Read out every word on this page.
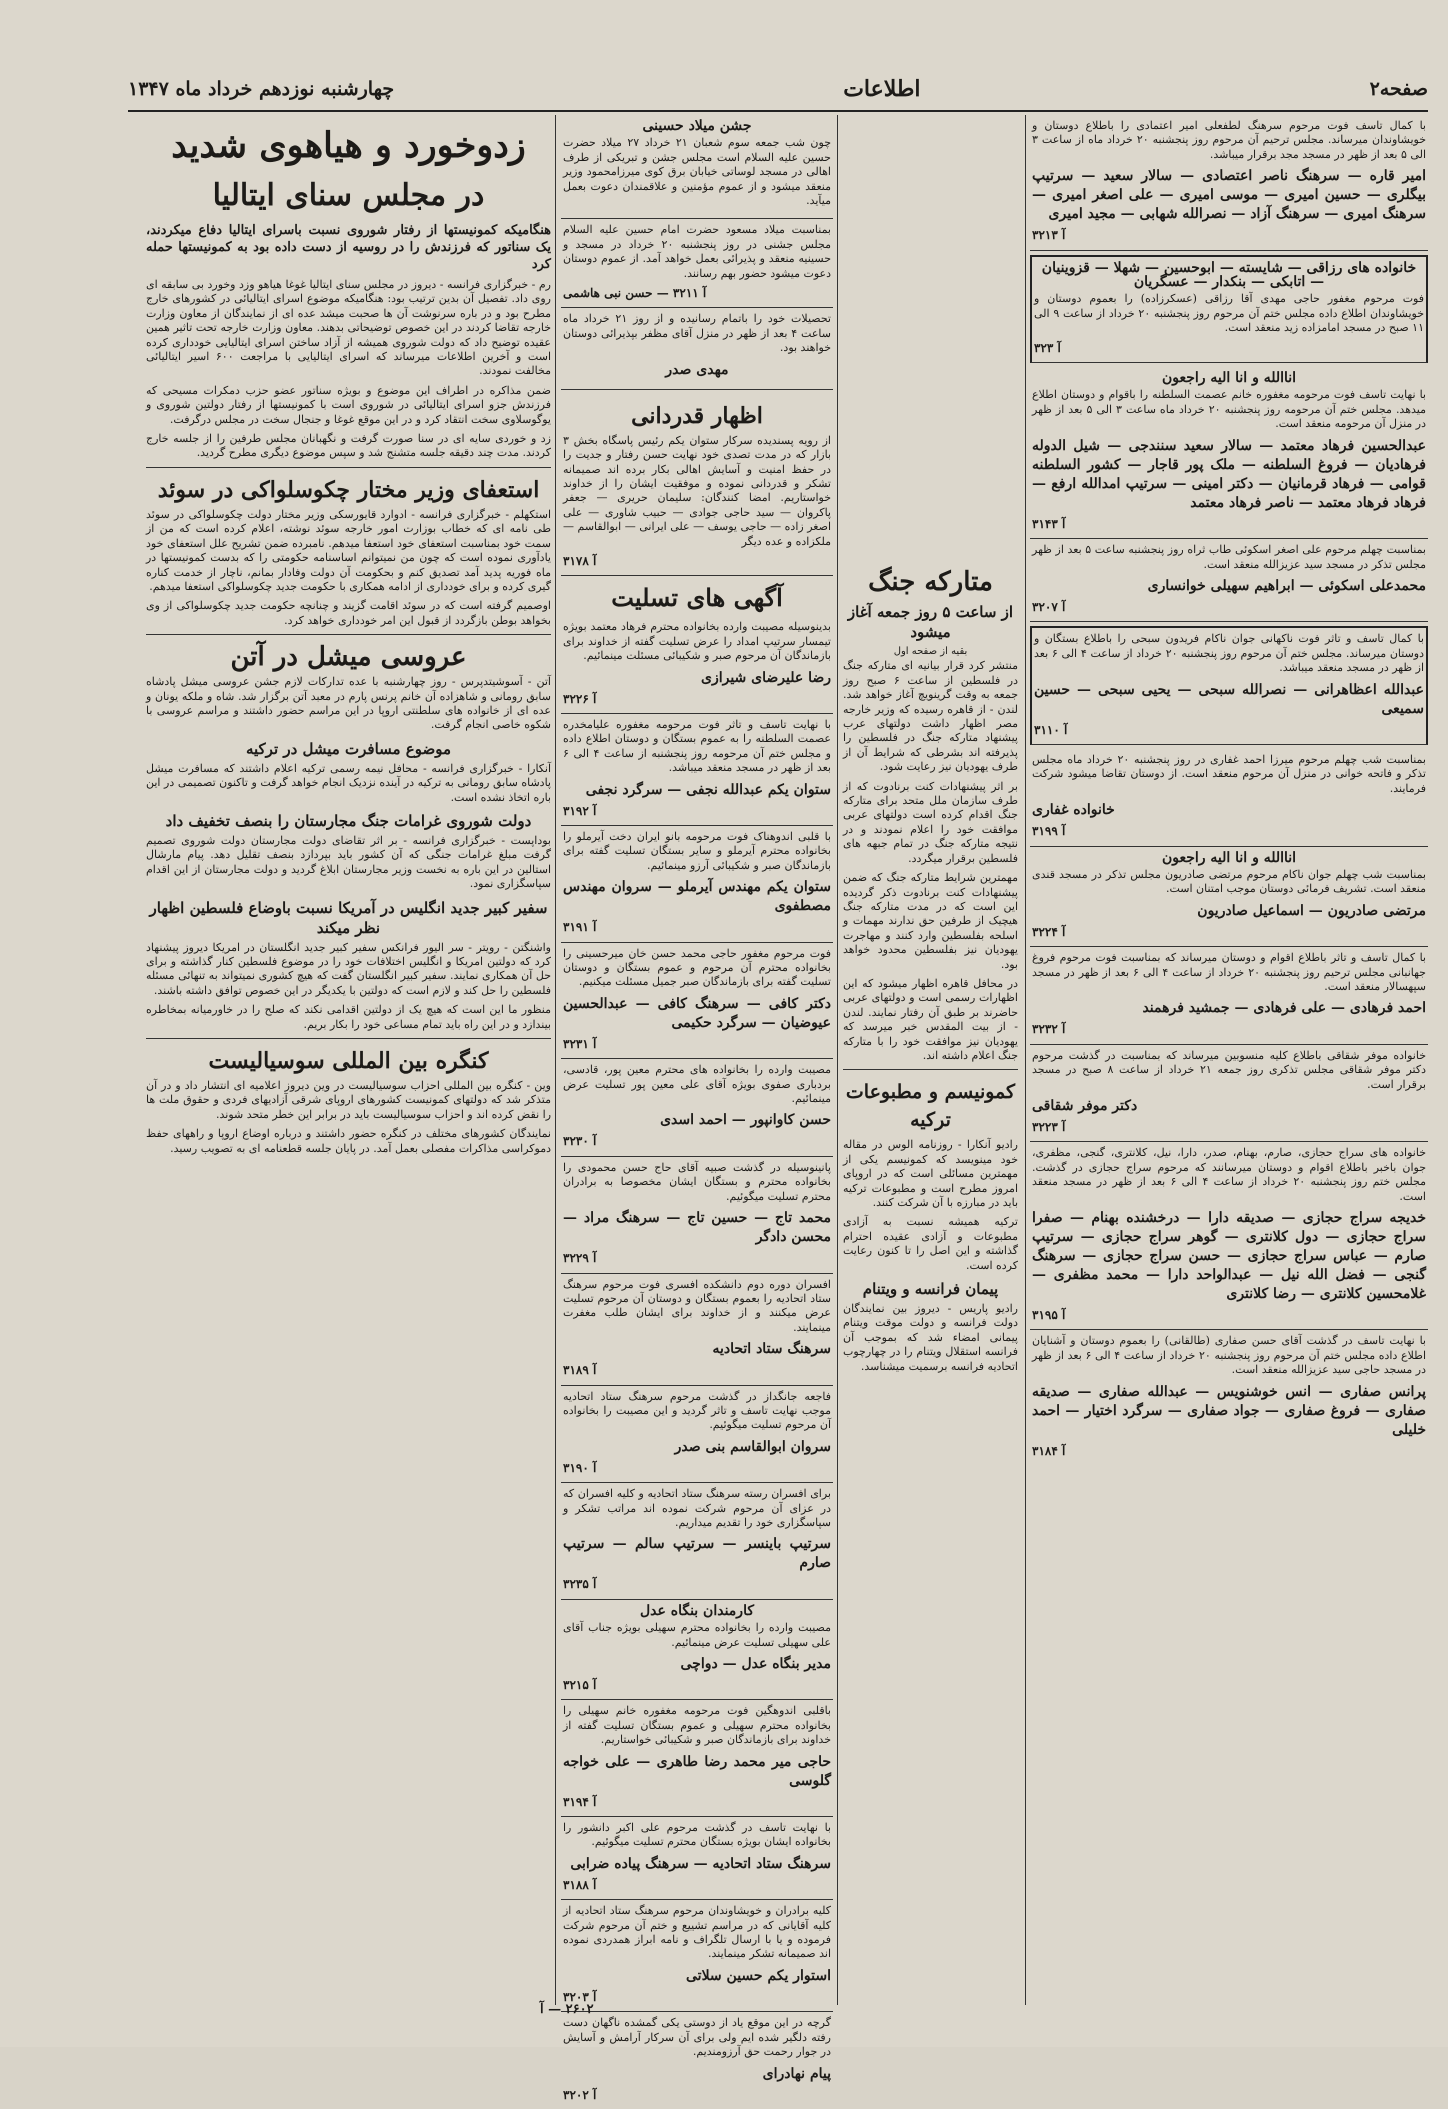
صفحه۲
اطلاعات
چهارشنبه نوزدهم خرداد ماه ۱۳۴۷
زدوخورد و هیاهوی شدید
در مجلس سنای ایتالیا

هنگامیکه کمونیستها از رفتار شوروی نسبت باسرای ایتالیا دفاع میکردند، یک سناتور که فرزندش را در روسیه از دست داده بود به کمونیستها حمله کرد

رم - خبرگزاری فرانسه - دیروز در مجلس سنای ایتالیا غوغا هیاهو وزد وخورد بی سابقه ای روی داد. تفصیل آن بدین ترتیب بود: هنگامیکه موضوع اسرای ایتالیائی در کشورهای خارج مطرح بود و در باره سرنوشت آن ها صحبت میشد عده ای از نمایندگان از معاون وزارت خارجه تقاضا کردند در این خصوص توضیحاتی بدهند. معاون وزارت خارجه تحت تاثیر همین عقیده توضیح داد که دولت شوروی همیشه از آزاد ساختن اسرای ایتالیایی خودداری کرده است و آخرین اطلاعات میرساند که اسرای ایتالیایی با مراجعت ۶۰۰ اسیر ایتالیائی مخالفت نمودند.

ضمن مذاکره در اطراف این موضوع و بویژه سناتور عضو حزب دمکرات مسیحی که فرزندش جزو اسرای ایتالیائی در شوروی است با کمونیستها از رفتار دولتین شوروی و یوگوسلاوی سخت انتقاد کرد و در این موقع غوغا و جنجال سخت در مجلس درگرفت.

زد و خوردی سایه ای در سنا صورت گرفت و نگهبانان مجلس طرفین را از جلسه خارج کردند. مدت چند دقیقه جلسه متشنج شد و سپس موضوع دیگری مطرح گردید.

استعفای وزیر مختار چکوسلواکی در سوئد

استکهلم - خبرگزاری فرانسه - ادوارد قایورسکی وزیر مختار دولت چکوسلواکی در سوئد طی نامه ای که خطاب بوزارت امور خارجه سوئد نوشته، اعلام کرده است که من از سمت خود بمناسبت استعفای خود استعفا میدهم. نامبرده ضمن تشریح علل استعفای خود یادآوری نموده است که چون من نمیتوانم اساسنامه حکومتی را که بدست کمونیستها در ماه فوریه پدید آمد تصدیق کنم و بحکومت آن دولت وفادار بمانم، ناچار از خدمت کناره گیری کرده و برای خودداری از ادامه همکاری با حکومت جدید چکوسلواکی استعفا میدهم.

اوصمیم گرفته است که در سوئد اقامت گزیند و چنانچه حکومت جدید چکوسلواکی از وی بخواهد بوطن بازگردد از قبول این امر خودداری خواهد کرد.

عروسی میشل در آتن

آتن - آسوشیتدپرس - روز چهارشنبه با عده تدارکات لازم جشن عروسی میشل پادشاه سابق رومانی و شاهزاده آن خانم پرنس پارم در معبد آتن برگزار شد. شاه و ملکه یونان و عده ای از خانواده های سلطنتی اروپا در این مراسم حضور داشتند و مراسم عروسی با شکوه خاصی انجام گرفت.

موضوع مسافرت میشل در ترکیه

آنکارا - خبرگزاری فرانسه - محافل نیمه رسمی ترکیه اعلام داشتند که مسافرت میشل پادشاه سابق رومانی به ترکیه در آینده نزدیک انجام خواهد گرفت و تاکنون تصمیمی در این باره اتخاذ نشده است.

دولت شوروی غرامات جنگ مجارستان را بنصف تخفیف داد

بوداپست - خبرگزاری فرانسه - بر اثر تقاضای دولت مجارستان دولت شوروی تصمیم گرفت مبلغ غرامات جنگی که آن کشور باید بپردازد بنصف تقلیل دهد. پیام مارشال استالین در این باره به نخست وزیر مجارستان ابلاغ گردید و دولت مجارستان از این اقدام سپاسگزاری نمود.

سفیر کبیر جدید انگلیس در آمریکا نسبت باوضاع فلسطین اظهار نظر میکند

واشنگتن - رویتر - سر الیور فرانکس سفیر کبیر جدید انگلستان در امریکا دیروز پیشنهاد کرد که دولتین امریکا و انگلیس اختلافات خود را در موضوع فلسطین کنار گذاشته و برای حل آن همکاری نمایند. سفیر کبیر انگلستان گفت که هیچ کشوری نمیتواند به تنهائی مسئله فلسطین را حل کند و لازم است که دولتین با یکدیگر در این خصوص توافق داشته باشند.

منظور ما این است که هیچ یک از دولتین اقدامی نکند که صلح را در خاورمیانه بمخاطره بیندازد و در این راه باید تمام مساعی خود را بکار بریم.

کنگره بین المللی سوسیالیست

وین - کنگره بین المللی احزاب سوسیالیست در وین دیروز اعلامیه ای انتشار داد و در آن متذکر شد که دولتهای کمونیست کشورهای اروپای شرقی آزادیهای فردی و حقوق ملت ها را نقض کرده اند و احزاب سوسیالیست باید در برابر این خطر متحد شوند.

نمایندگان کشورهای مختلف در کنگره حضور داشتند و درباره اوضاع اروپا و راههای حفظ دموکراسی مذاکرات مفصلی بعمل آمد. در پایان جلسه قطعنامه ای به تصویب رسید.

متارکه جنگ
از ساعت ۵ روز جمعه آغاز میشود
بقیه از صفحه اول

منتشر کرد قرار بیانیه ای متارکه جنگ در فلسطین از ساعت ۶ صبح روز جمعه به وقت گرینویچ آغاز خواهد شد. لندن - از قاهره رسیده که وزیر خارجه مصر اظهار داشت دولتهای عرب پیشنهاد متارکه جنگ در فلسطین را پذیرفته اند بشرطی که شرایط آن از طرف یهودیان نیز رعایت شود.

بر اثر پیشنهادات کنت برنادوت که از طرف سازمان ملل متحد برای متارکه جنگ اقدام کرده است دولتهای عربی موافقت خود را اعلام نمودند و در نتیجه متارکه جنگ در تمام جبهه های فلسطین برقرار میگردد.

مهمترین شرایط متارکه جنگ که ضمن پیشنهادات کنت برنادوت ذکر گردیده این است که در مدت متارکه جنگ هیچیک از طرفین حق ندارند مهمات و اسلحه بفلسطین وارد کنند و مهاجرت یهودیان نیز بفلسطین محدود خواهد بود.

در محافل قاهره اظهار میشود که این اظهارات رسمی است و دولتهای عربی حاضرند بر طبق آن رفتار نمایند. لندن - از بیت المقدس خبر میرسد که یهودیان نیز موافقت خود را با متارکه جنگ اعلام داشته اند.

کمونیسم و مطبوعات ترکیه

رادیو آنکارا - روزنامه الوس در مقاله خود مینویسد که کمونیسم یکی از مهمترین مسائلی است که در اروپای امروز مطرح است و مطبوعات ترکیه باید در مبارزه با آن شرکت کنند.

ترکیه همیشه نسبت به آزادی مطبوعات و آزادی عقیده احترام گذاشته و این اصل را تا کنون رعایت کرده است.

پیمان فرانسه و ویتنام

رادیو پاریس - دیروز بین نمایندگان دولت فرانسه و دولت موقت ویتنام پیمانی امضاء شد که بموجب آن فرانسه استقلال ویتنام را در چهارچوب اتحادیه فرانسه برسمیت میشناسد.

جشن میلاد حسینی

چون شب جمعه سوم شعبان ۲۱ خرداد ۲۷ میلاد حضرت حسین علیه السلام است مجلس جشن و تبریکی از طرف اهالی در مسجد لوساتی خیابان برق کوی میرزامحمود وزیر منعقد میشود و از عموم مؤمنین و علاقمندان دعوت بعمل میآید.

بمناسبت میلاد مسعود حضرت امام حسین علیه السلام مجلس جشنی در روز پنجشنبه ۲۰ خرداد در مسجد و حسینیه منعقد و پذیرائی بعمل خواهد آمد. از عموم دوستان دعوت میشود حضور بهم رسانند.

آ ۳۲۱۱ — حسن نبی هاشمی

تحصیلات خود را باتمام رسانیده و از روز ۲۱ خرداد ماه ساعت ۴ بعد از ظهر در منزل آقای مظفر بپذیرائی دوستان خواهند بود.

مهدی صدر
اظهار قدردانی

از رویه پسندیده سرکار ستوان یکم رئیس پاسگاه بخش ۳ بازار که در مدت تصدی خود نهایت حسن رفتار و جدیت را در حفظ امنیت و آسایش اهالی بکار برده اند صمیمانه تشکر و قدردانی نموده و موفقیت ایشان را از خداوند خواستاریم. امضا کنندگان: سلیمان حریری — جعفر پاکروان — سید حاجی جوادی — حبیب شاوری — علی اصغر زاده — حاجی یوسف — علی ایرانی — ابوالقاسم — ملکزاده و عده دیگر

آ ۳۱۷۸
آگهی های تسلیت

بدینوسیله مصیبت وارده بخانواده محترم فرهاد معتمد بویژه تیمسار سرتیپ امداد را عرض تسلیت گفته از خداوند برای بازماندگان آن مرحوم صبر و شکیبائی مسئلت مینمائیم.

رضا علیرضای شیرازی
آ ۳۲۲۶

با نهایت تاسف و تاثر فوت مرحومه مغفوره علیامخدره عصمت السلطنه را به عموم بستگان و دوستان اطلاع داده و مجلس ختم آن مرحومه روز پنجشنبه از ساعت ۴ الی ۶ بعد از ظهر در مسجد منعقد میباشد.

ستوان یکم عبدالله نجفی — سرگرد نجفی
آ ۳۱۹۲

با قلبی اندوهناک فوت مرحومه بانو ایران دخت آیرملو را بخانواده محترم آیرملو و سایر بستگان تسلیت گفته برای بازماندگان صبر و شکیبائی آرزو مینمائیم.

ستوان یکم مهندس آیرملو — سروان مهندس مصطفوی
آ ۳۱۹۱

فوت مرحوم مغفور حاجی محمد حسن خان میرحسینی را بخانواده محترم آن مرحوم و عموم بستگان و دوستان تسلیت گفته برای بازماندگان صبر جمیل مسئلت میکنیم.

دکتر کافی — سرهنگ کافی — عبدالحسین عیوضیان — سرگرد حکیمی
آ ۳۲۳۱

مصیبت وارده را بخانواده های محترم معین پور، قادسی، بردباری صفوی بویژه آقای علی معین پور تسلیت عرض مینمائیم.

حسن کاوانپور — احمد اسدی
آ ۳۲۳۰

پانینوسیله در گذشت صبیه آقای حاج حسن محمودی را بخانواده محترم و بستگان ایشان مخصوصا به برادران محترم تسلیت میگوئیم.

محمد تاج — حسین تاج — سرهنگ مراد — محسن دادگر
آ ۳۲۲۹

افسران دوره دوم دانشکده افسری فوت مرحوم سرهنگ ستاد اتحادیه را بعموم بستگان و دوستان آن مرحوم تسلیت عرض میکنند و از خداوند برای ایشان طلب مغفرت مینمایند.

سرهنگ ستاد اتحادیه
آ ۳۱۸۹

فاجعه جانگداز در گذشت مرحوم سرهنگ ستاد اتحادیه موجب نهایت تاسف و تاثر گردید و این مصیبت را بخانواده آن مرحوم تسلیت میگوئیم.

سروان ابوالقاسم بنی صدر
آ ۳۱۹۰

برای افسران رسته سرهنگ ستاد اتحادیه و کلیه افسران که در عزای آن مرحوم شرکت نموده اند مراتب تشکر و سپاسگزاری خود را تقدیم میداریم.

سرتیپ باینسر — سرتیپ سالم — سرتیپ صارم
آ ۳۲۳۵
کارمندان بنگاه عدل

مصیبت وارده را بخانواده محترم سهیلی بویژه جناب آقای علی سهیلی تسلیت عرض مینمائیم.

مدیر بنگاه عدل — دواچی
آ ۳۲۱۵

باقلبی اندوهگین فوت مرحومه مغفوره خانم سهیلی را بخانواده محترم سهیلی و عموم بستگان تسلیت گفته از خداوند برای بازماندگان صبر و شکیبائی خواستاریم.

حاجی میر محمد رضا طاهری — علی خواجه گلوسی
آ ۳۱۹۴

با نهایت تاسف در گذشت مرحوم علی اکبر دانشور را بخانواده ایشان بویژه بستگان محترم تسلیت میگوئیم.

سرهنگ ستاد اتحادیه — سرهنگ پیاده ضرابی
آ ۳۱۸۸

کلیه برادران و خویشاوندان مرحوم سرهنگ ستاد اتحادیه از کلیه آقایانی که در مراسم تشییع و ختم آن مرحوم شرکت فرموده و یا با ارسال تلگراف و نامه ابراز همدردی نموده اند صمیمانه تشکر مینمایند.

استوار یکم حسین سلاتی
آ ۳۲۰۳

گرچه در این موقع یاد از دوستی یکی گمشده ناگهان دست رفته دلگیر شده ایم ولی برای آن سرکار آرامش و آسایش در جوار رحمت حق آرزومندیم.

پیام نهادرای
آ ۳۲۰۲

با کمال تاسف فوت مرحوم سرهنگ لطفعلی امیر اعتمادی را باطلاع دوستان و خویشاوندان میرساند. مجلس ترحیم آن مرحوم روز پنجشنبه ۲۰ خرداد ماه از ساعت ۳ الی ۵ بعد از ظهر در مسجد مجد برقرار میباشد.

امیر قاره — سرهنگ ناصر اعتصادی — سالار سعید — سرتیپ بیگلری — حسین امیری — موسی امیری — علی اصغر امیری — سرهنگ امیری — سرهنگ آزاد — نصرالله شهابی — مجید امیری
آ ۳۲۱۳
خانواده های رزاقی — شایسته — ابوحسین — شهلا — قزوینیان — اتابکی — بنکدار — عسگریان

فوت مرحوم مغفور حاجی مهدی آقا رزاقی (عسکرزاده) را بعموم دوستان و خویشاوندان اطلاع داده مجلس ختم آن مرحوم روز پنجشنبه ۲۰ خرداد از ساعت ۹ الی ۱۱ صبح در مسجد امامزاده زید منعقد است.

آ ۳۲۳
اناالله و انا الیه راجعون

با نهایت تاسف فوت مرحومه مغفوره خانم عصمت السلطنه را باقوام و دوستان اطلاع میدهد. مجلس ختم آن مرحومه روز پنجشنبه ۲۰ خرداد ماه ساعت ۳ الی ۵ بعد از ظهر در منزل آن مرحومه منعقد است.

عبدالحسین فرهاد معتمد — سالار سعید سنندجی — شیل الدوله فرهادیان — فروغ السلطنه — ملک پور قاجار — کشور السلطنه قوامی — فرهاد قرمانیان — دکتر امینی — سرتیپ امدالله ارفع — فرهاد فرهاد معتمد — ناصر فرهاد معتمد
آ ۳۱۴۳

بمناسبت چهلم مرحوم علی اصغر اسکوئی طاب ثراه روز پنجشنبه ساعت ۵ بعد از ظهر مجلس تذکر در مسجد سید عزیزالله منعقد است.

محمدعلی اسکوئی — ابراهیم سهیلی خوانساری
آ ۳۲۰۷

با کمال تاسف و تاثر فوت ناکهانی جوان ناکام فریدون سبحی را باطلاع بستگان و دوستان میرساند. مجلس ختم آن مرحوم روز پنجشنبه ۲۰ خرداد از ساعت ۴ الی ۶ بعد از ظهر در مسجد منعقد میباشد.

عبدالله اعظاهرانی — نصرالله سبحی — یحیی سبحی — حسین سمیعی
آ ۳۱۱۰

بمناسبت شب چهلم مرحوم میرزا احمد غفاری در روز پنجشنبه ۲۰ خرداد ماه مجلس تذکر و فاتحه خوانی در منزل آن مرحوم منعقد است. از دوستان تقاضا میشود شرکت فرمایند.

خانواده غفاری
آ ۳۱۹۹
اناالله و انا الیه راجعون

بمناسبت شب چهلم جوان ناکام مرحوم مرتضی صادریون مجلس تذکر در مسجد قندی منعقد است. تشریف فرمائی دوستان موجب امتنان است.

مرتضی صادریون — اسماعیل صادریون
آ ۳۲۲۴

با کمال تاسف و تاثر باطلاع اقوام و دوستان میرساند که بمناسبت فوت مرحوم فروغ جهانبانی مجلس ترحیم روز پنجشنبه ۲۰ خرداد از ساعت ۴ الی ۶ بعد از ظهر در مسجد سپهسالار منعقد است.

احمد فرهادی — علی فرهادی — جمشید فرهمند
آ ۳۲۳۲

خانواده موفر شقاقی باطلاع کلیه منسوبین میرساند که بمناسبت در گذشت مرحوم دکتر موفر شقاقی مجلس تذکری روز جمعه ۲۱ خرداد از ساعت ۸ صبح در مسجد برقرار است.

دکتر موفر شقاقی
آ ۳۲۲۳

خانواده های سراج حجازی، صارم، بهنام، صدر، دارا، نیل، کلانتری، گنجی، مظفری، جوان باخبر باطلاع اقوام و دوستان میرسانند که مرحوم سراج حجازی در گذشت. مجلس ختم روز پنجشنبه ۲۰ خرداد از ساعت ۴ الی ۶ بعد از ظهر در مسجد منعقد است.

خدیجه سراج حجازی — صدیقه دارا — درخشنده بهنام — صفرا سراج حجازی — دول کلانتری — گوهر سراج حجازی — سرتیپ صارم — عباس سراج حجازی — حسن سراج حجازی — سرهنگ گنجی — فضل الله نیل — عبدالواحد دارا — محمد مظفری — غلامحسین کلانتری — رضا کلانتری
آ ۳۱۹۵

با نهایت تاسف در گذشت آقای حسن صفاری (طالقانی) را بعموم دوستان و آشنایان اطلاع داده مجلس ختم آن مرحوم روز پنجشنبه ۲۰ خرداد از ساعت ۴ الی ۶ بعد از ظهر در مسجد حاجی سید عزیزالله منعقد است.

پرانس صفاری — انس خوشنویس — عبدالله صفاری — صدیقه صفاری — فروغ صفاری — جواد صفاری — سرگرد اختیار — احمد خلیلی
آ ۳۱۸۴
۲۶۰۲ — آ
